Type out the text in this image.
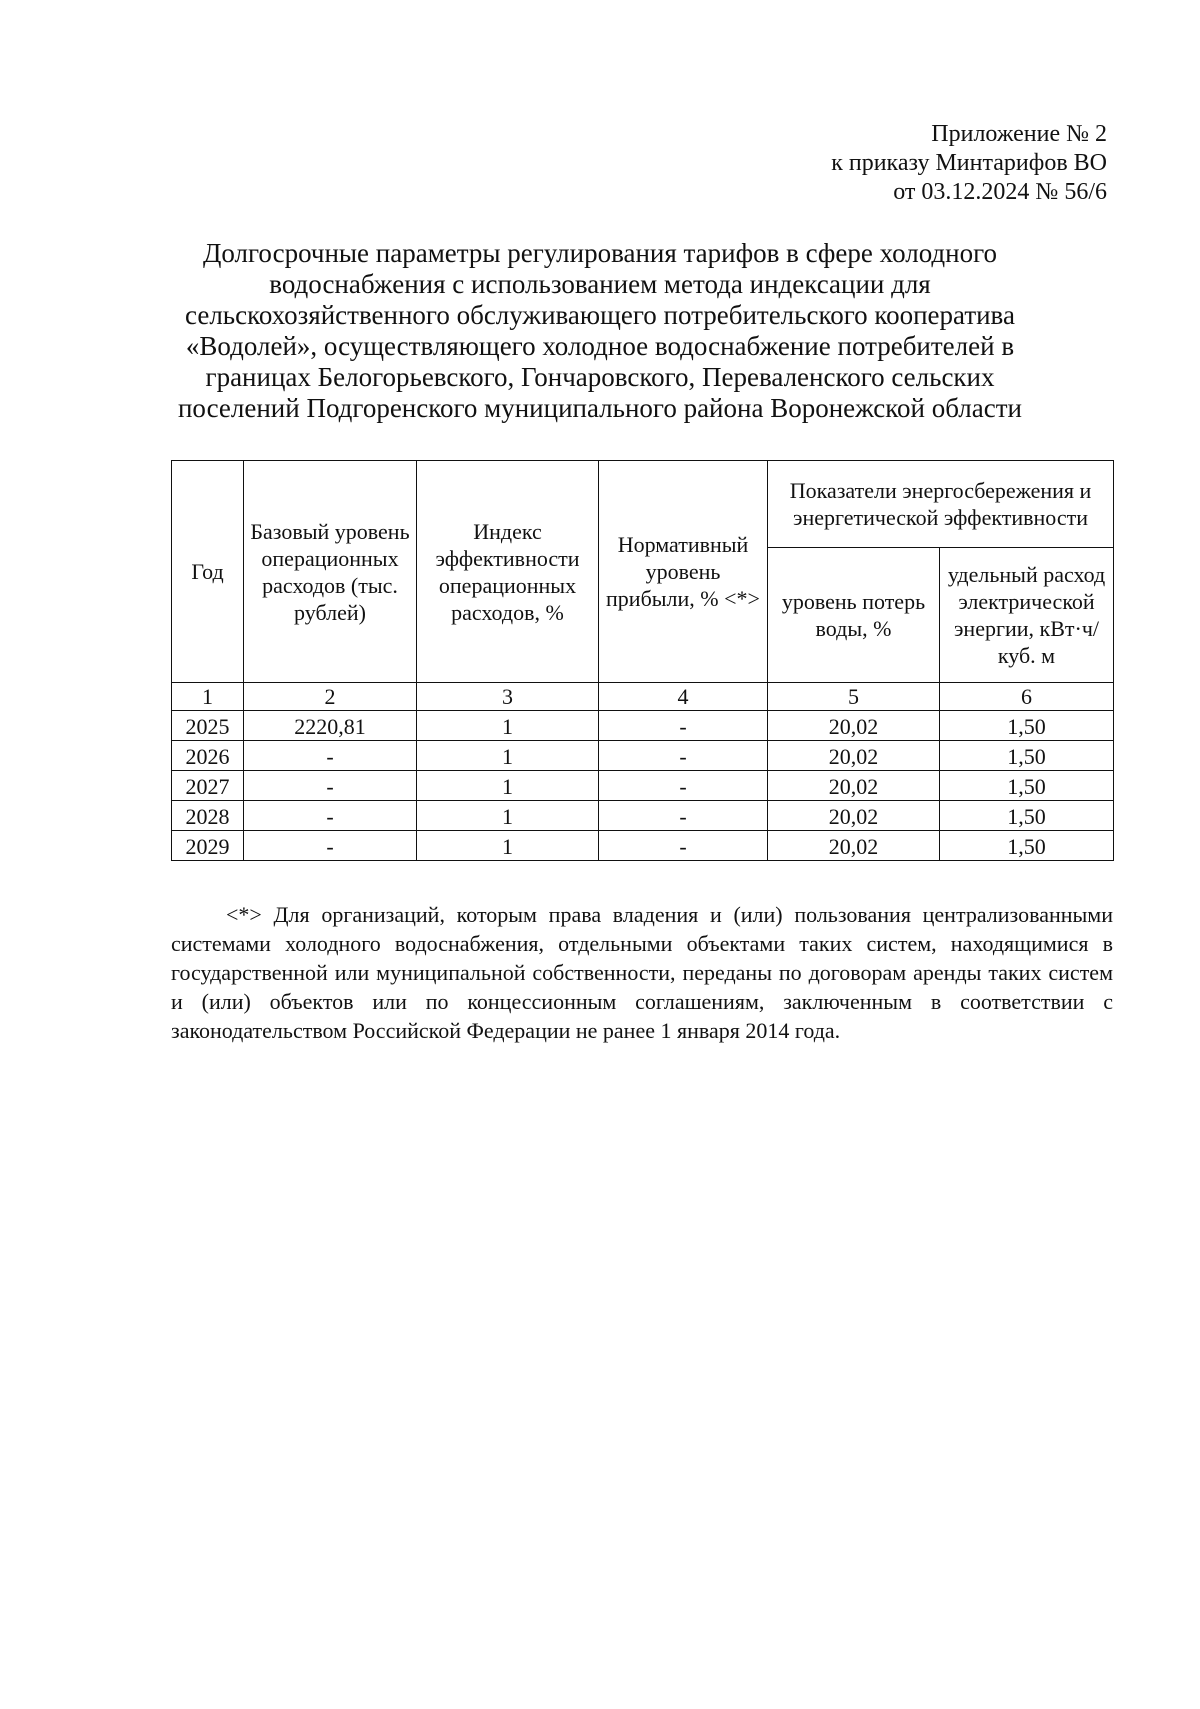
Приложение № 2
к приказу Минтарифов ВО
от 03.12.2024 № 56/6
Долгосрочные параметры регулирования тарифов в сфере холодного
водоснабжения с использованием метода индексации для
сельскохозяйственного обслуживающего потребительского кооператива
«Водолей», осуществляющего холодное водоснабжение потребителей в
границах Белогорьевского, Гончаровского, Переваленского сельских
поселений Подгоренского муниципального района Воронежской области
Год	Базовый уровень операционных расходов (тыс. рублей)	Индекс эффективности операционных расходов, %	Нормативный уровень прибыли, % <*>	Показатели энергосбережения и энергетической эффективности	
				уровень потерь воды, %	удельный расход электрической энергии, кВт·ч/куб. м
1	2	3	4	5	6
2025	2220,81	1	-	20,02	1,50
2026	-	1	-	20,02	1,50
2027	-	1	-	20,02	1,50
2028	-	1	-	20,02	1,50
2029	-	1	-	20,02	1,50
<*> Для организаций, которым права владения и (или) пользования централизованными системами холодного водоснабжения, отдельными объектами таких систем, находящимися в государственной или муниципальной собственности, переданы по договорам аренды таких систем и (или) объектов или по концессионным соглашениям, заключенным в соответствии с законодательством Российской Федерации не ранее 1 января 2014 года.
